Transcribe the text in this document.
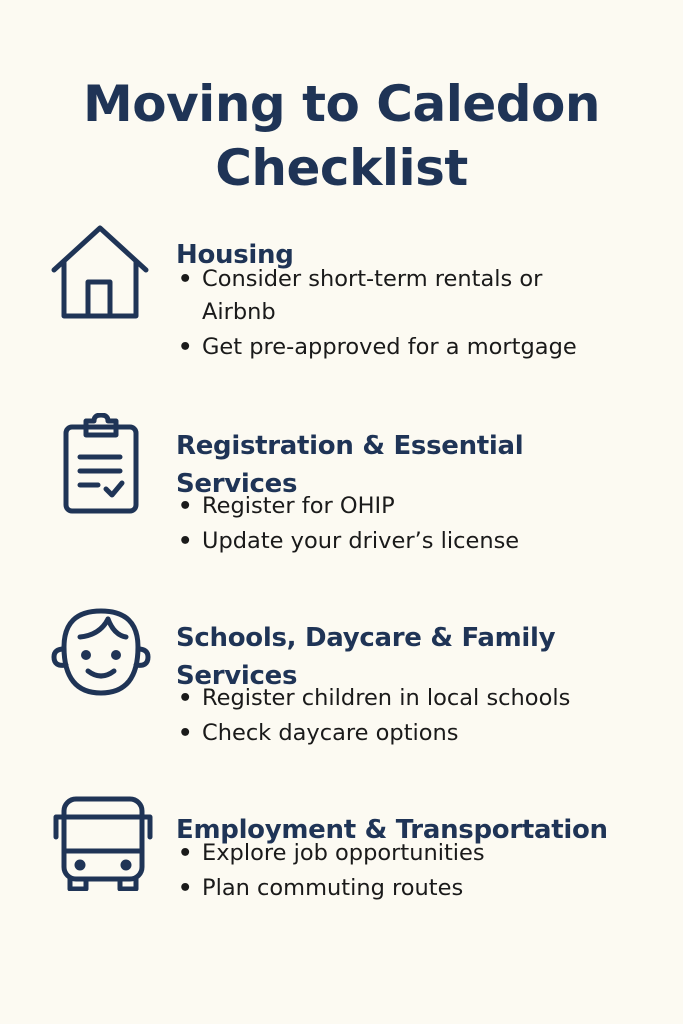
Moving to Caledon
Checklist
Housing
• Consider short-term rentals or
Airbnb
• Get pre-approved for a mortgage
Registration & Essential
Services
• Register for OHIP
• Update your driver’s license
Schools, Daycare & Family
Services
• Register children in local schools
• Check daycare options
Employment & Transportation
• Explore job opportunities
• Plan commuting routes
